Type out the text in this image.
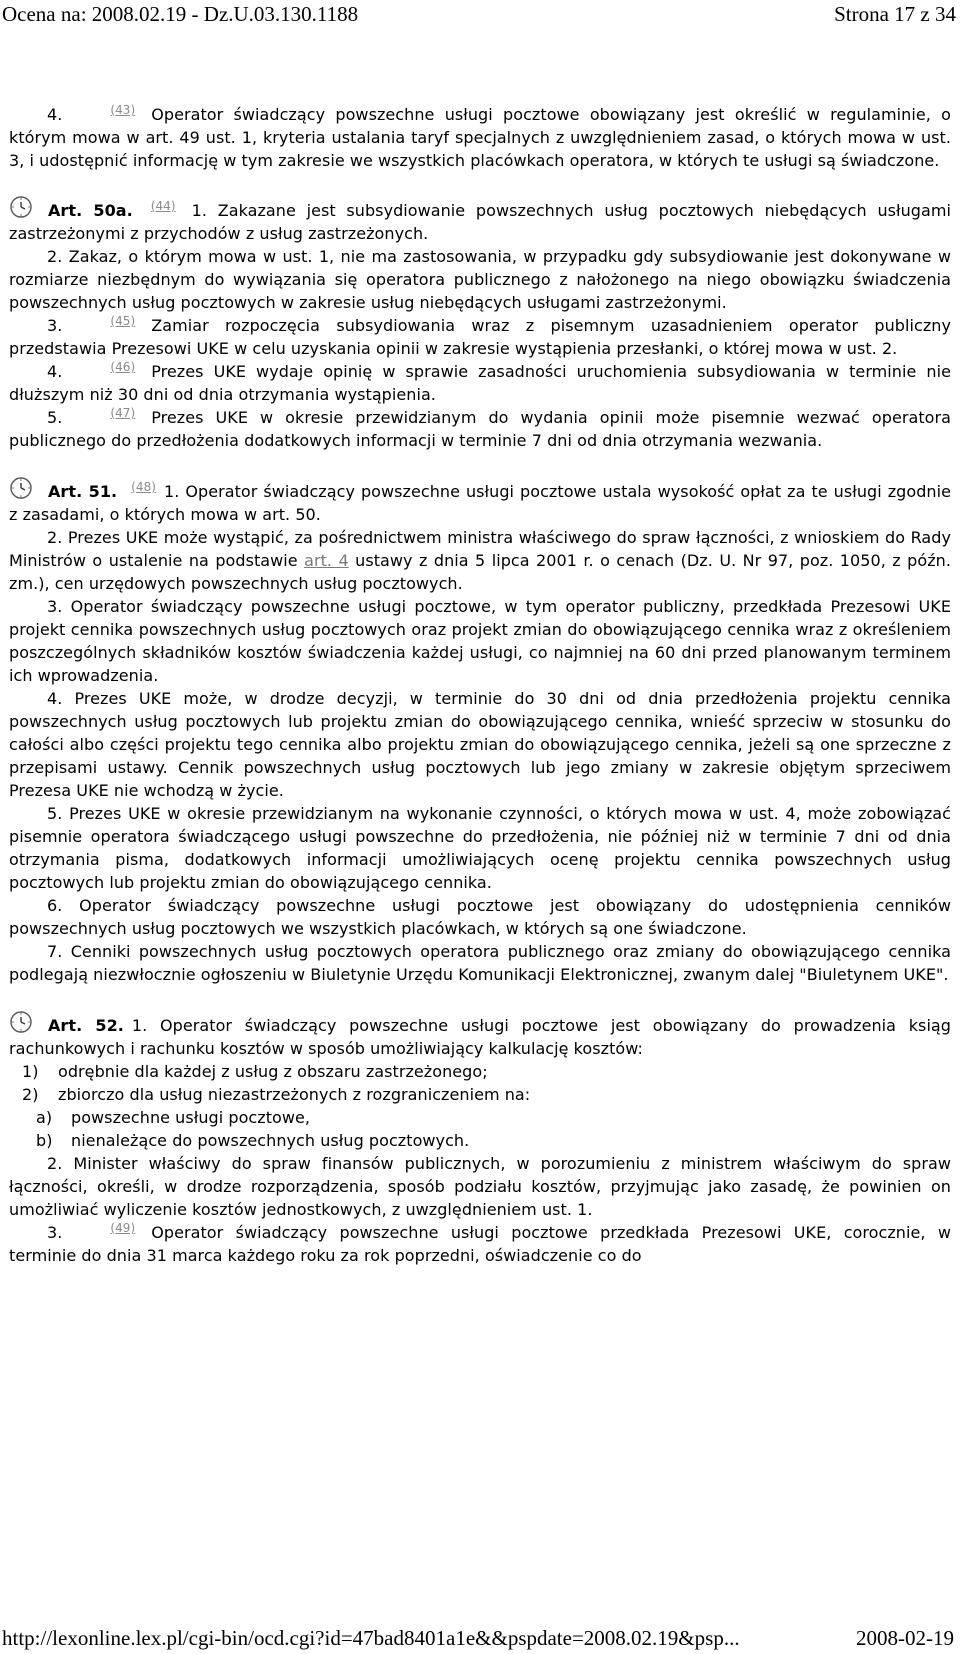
Ocena na: 2008.02.19 - Dz.U.03.130.1188	Strona 17 z 34

4.	(43) Operator świadczący powszechne usługi pocztowe obowiązany jest określić w regulaminie, o którym mowa w art. 49 ust. 1, kryteria ustalania taryf specjalnych z uwzględnieniem zasad, o których mowa w ust. 3, i udostępnić informację w tym zakresie we wszystkich placówkach operatora, w których te usługi są świadczone.

Art. 50a. (44) 1. Zakazane jest subsydiowanie powszechnych usług pocztowych niebędących usługami zastrzeżonymi z przychodów z usług zastrzeżonych.

2. Zakaz, o którym mowa w ust. 1, nie ma zastosowania, w przypadku gdy subsydiowanie jest dokonywane w rozmiarze niezbędnym do wywiązania się operatora publicznego z nałożonego na niego obowiązku świadczenia powszechnych usług pocztowych w zakresie usług niebędących usługami zastrzeżonymi.

3.	(45) Zamiar rozpoczęcia subsydiowania wraz z pisemnym uzasadnieniem operator publiczny przedstawia Prezesowi UKE w celu uzyskania opinii w zakresie wystąpienia przesłanki, o której mowa w ust. 2.

4.	(46) Prezes UKE wydaje opinię w sprawie zasadności uruchomienia subsydiowania w terminie nie dłuższym niż 30 dni od dnia otrzymania wystąpienia.

5.	(47) Prezes UKE w okresie przewidzianym do wydania opinii może pisemnie wezwać operatora publicznego do przedłożenia dodatkowych informacji w terminie 7 dni od dnia otrzymania wezwania.

Art. 51. (48) 1. Operator świadczący powszechne usługi pocztowe ustala wysokość opłat za te usługi zgodnie z zasadami, o których mowa w art. 50.

2. Prezes UKE może wystąpić, za pośrednictwem ministra właściwego do spraw łączności, z wnioskiem do Rady Ministrów o ustalenie na podstawie art. 4 ustawy z dnia 5 lipca 2001 r. o cenach (Dz. U. Nr 97, poz. 1050, z późn. zm.), cen urzędowych powszechnych usług pocztowych.

3. Operator świadczący powszechne usługi pocztowe, w tym operator publiczny, przedkłada Prezesowi UKE projekt cennika powszechnych usług pocztowych oraz projekt zmian do obowiązującego cennika wraz z określeniem poszczególnych składników kosztów świadczenia każdej usługi, co najmniej na 60 dni przed planowanym terminem ich wprowadzenia.

4. Prezes UKE może, w drodze decyzji, w terminie do 30 dni od dnia przedłożenia projektu cennika powszechnych usług pocztowych lub projektu zmian do obowiązującego cennika, wnieść sprzeciw w stosunku do całości albo części projektu tego cennika albo projektu zmian do obowiązującego cennika, jeżeli są one sprzeczne z przepisami ustawy. Cennik powszechnych usług pocztowych lub jego zmiany w zakresie objętym sprzeciwem Prezesa UKE nie wchodzą w życie.

5. Prezes UKE w okresie przewidzianym na wykonanie czynności, o których mowa w ust. 4, może zobowiązać pisemnie operatora świadczącego usługi powszechne do przedłożenia, nie później niż w terminie 7 dni od dnia otrzymania pisma, dodatkowych informacji umożliwiających ocenę projektu cennika powszechnych usług pocztowych lub projektu zmian do obowiązującego cennika.

6. Operator świadczący powszechne usługi pocztowe jest obowiązany do udostępnienia cenników powszechnych usług pocztowych we wszystkich placówkach, w których są one świadczone.

7. Cenniki powszechnych usług pocztowych operatora publicznego oraz zmiany do obowiązującego cennika podlegają niezwłocznie ogłoszeniu w Biuletynie Urzędu Komunikacji Elektronicznej, zwanym dalej "Biuletynem UKE".

Art. 52. 1. Operator świadczący powszechne usługi pocztowe jest obowiązany do prowadzenia ksiąg rachunkowych i rachunku kosztów w sposób umożliwiający kalkulację kosztów:

1) odrębnie dla każdej z usług z obszaru zastrzeżonego;

2) zbiorczo dla usług niezastrzeżonych z rozgraniczeniem na:

a) powszechne usługi pocztowe,

b) nienależące do powszechnych usług pocztowych.

2. Minister właściwy do spraw finansów publicznych, w porozumieniu z ministrem właściwym do spraw łączności, określi, w drodze rozporządzenia, sposób podziału kosztów, przyjmując jako zasadę, że powinien on umożliwiać wyliczenie kosztów jednostkowych, z uwzględnieniem ust. 1.

3.	(49) Operator świadczący powszechne usługi pocztowe przedkłada Prezesowi UKE, corocznie, w terminie do dnia 31 marca każdego roku za rok poprzedni, oświadczenie co do

http://lexonline.lex.pl/cgi-bin/ocd.cgi?id=47bad8401a1e&&pspdate=2008.02.19&psp...	2008-02-19
